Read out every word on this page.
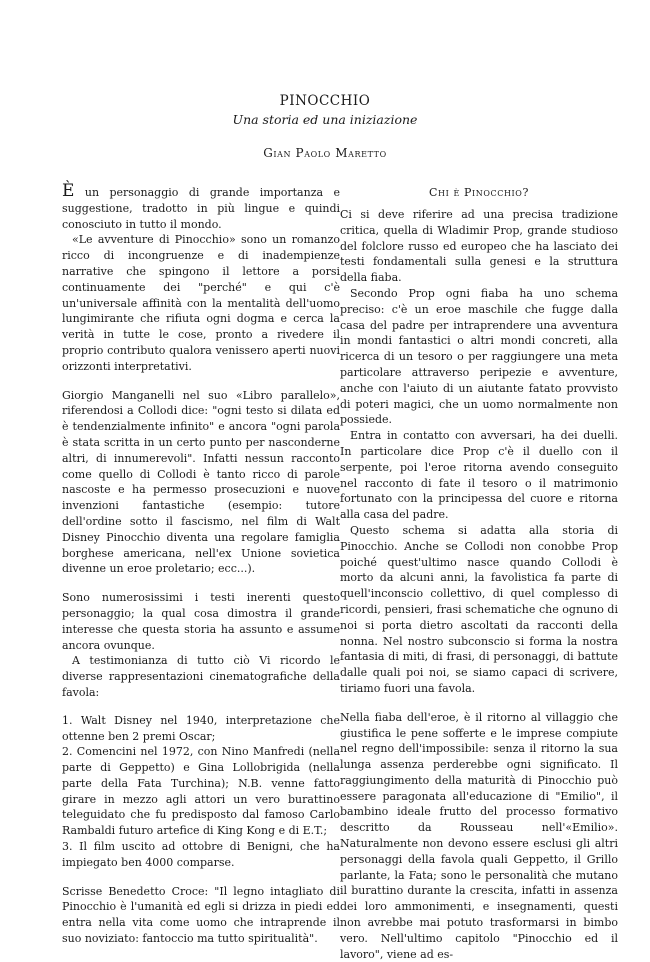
PINOCCHIO
Una storia ed una iniziazione
Gian Paolo Maretto

È un personaggio di grande importanza e suggestione, tradotto in più lingue e quindi conosciuto in tutto il mondo.

«Le avventure di Pinocchio» sono un romanzo ricco di incongruenze e di inadempienze narrative che spingono il lettore a porsi continuamente dei "perché" e qui c'è un'universale affinità con la mentalità dell'uomo lungimirante che rifiuta ogni dogma e cerca la verità in tutte le cose, pronto a rivedere il proprio contributo qualora venissero aperti nuovi orizzonti interpretativi.

Giorgio Manganelli nel suo «Libro parallelo», riferendosi a Collodi dice: "ogni testo si dilata ed è tendenzialmente infinito" e ancora "ogni parola è stata scritta in un certo punto per nasconderne altri, di innumerevoli". Infatti nessun racconto come quello di Collodi è tanto ricco di parole nascoste e ha permesso prosecuzioni e nuove invenzioni fantastiche (esempio: tutore dell'ordine sotto il fascismo, nel film di Walt Disney Pinocchio diventa una regolare famiglia borghese americana, nell'ex Unione sovietica divenne un eroe proletario; ecc...).

Sono numerosissimi i testi inerenti questo personaggio; la qual cosa dimostra il grande interesse che questa storia ha assunto e assume ancora ovunque.

A testimonianza di tutto ciò Vi ricordo le diverse rappresentazioni cinematografiche della favola:

1. Walt Disney nel 1940, interpretazione che ottenne ben 2 premi Oscar;

2. Comencini nel 1972, con Nino Manfredi (nella parte di Geppetto) e Gina Lollobrigida (nella parte della Fata Turchina); N.B. venne fatto girare in mezzo agli attori un vero burattino teleguidato che fu predisposto dal famoso Carlo Rambaldi futuro artefice di King Kong e di E.T.;

3. Il film uscito ad ottobre di Benigni, che ha impiegato ben 4000 comparse.

Scrisse Benedetto Croce: "Il legno intagliato di Pinocchio è l'umanità ed egli si drizza in piedi ed entra nella vita come uomo che intraprende il suo noviziato: fantoccio ma tutto spiritualità".

Chi è Pinocchio?

Ci si deve riferire ad una precisa tradizione critica, quella di Wladimir Prop, grande studioso del folclore russo ed europeo che ha lasciato dei testi fondamentali sulla genesi e la struttura della fiaba.

Secondo Prop ogni fiaba ha uno schema preciso: c'è un eroe maschile che fugge dalla casa del padre per intraprendere una avventura in mondi fantastici o altri mondi concreti, alla ricerca di un tesoro o per raggiungere una meta particolare attraverso peripezie e avventure, anche con l'aiuto di un aiutante fatato provvisto di poteri magici, che un uomo normalmente non possiede.

Entra in contatto con avversari, ha dei duelli. In particolare dice Prop c'è il duello con il serpente, poi l'eroe ritorna avendo conseguito nel racconto di fate il tesoro o il matrimonio fortunato con la principessa del cuore e ritorna alla casa del padre.

Questo schema si adatta alla storia di Pinocchio. Anche se Collodi non conobbe Prop poiché quest'ultimo nasce quando Collodi è morto da alcuni anni, la favolistica fa parte di quell'inconscio collettivo, di quel complesso di ricordi, pensieri, frasi schematiche che ognuno di noi si porta dietro ascoltati da racconti della nonna. Nel nostro subconscio si forma la nostra fantasia di miti, di frasi, di personaggi, di battute dalle quali poi noi, se siamo capaci di scrivere, tiriamo fuori una favola.

Nella fiaba dell'eroe, è il ritorno al villaggio che giustifica le pene sofferte e le imprese compiute nel regno dell'impossibile: senza il ritorno la sua lunga assenza perderebbe ogni significato. Il raggiungimento della maturità di Pinocchio può essere paragonata all'educazione di "Emilio", il bambino ideale frutto del processo formativo descritto da Rousseau nell'«Emilio». Naturalmente non devono essere esclusi gli altri personaggi della favola quali Geppetto, il Grillo parlante, la Fata; sono le personalità che mutano il burattino durante la crescita, infatti in assenza dei loro ammonimenti, e insegnamenti, questi non avrebbe mai potuto trasformarsi in bimbo vero. Nell'ultimo capitolo "Pinocchio ed il lavoro", viene ad es-
